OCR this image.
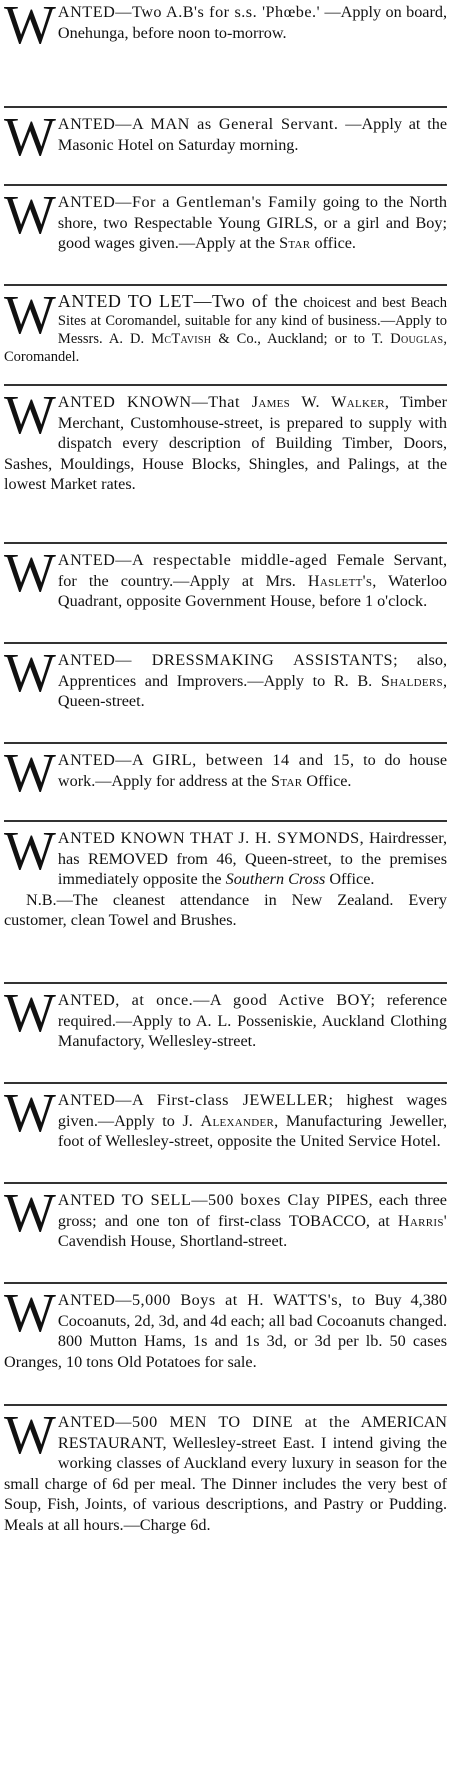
W ANTED—Two A.B's for s.s. 'Phœbe.' —Apply on board, Onehunga, before noon to-morrow.
W ANTED—A MAN as General Servant. —Apply at the Masonic Hotel on Saturday morning.
W ANTED—For a Gentleman's Family going to the North shore, two Respectable Young GIRLS, or a girl and Boy; good wages given.—Apply at the Star office.
W ANTED TO LET—Two of the choicest and best Beach Sites at Coromandel, suitable for any kind of business.—Apply to Messrs. A. D. McTavish & Co., Auckland; or to T. Douglas, Coromandel.
W ANTED KNOWN—That James W. Walker, Timber Merchant, Customhouse-street, is prepared to supply with dispatch every description of Building Timber, Doors, Sashes, Mouldings, House Blocks, Shingles, and Palings, at the lowest Market rates.
W ANTED—A respectable middle-aged Female Servant, for the country.—Apply at Mrs. Haslett's, Waterloo Quadrant, opposite Government House, before 1 o'clock.
W ANTED— DRESSMAKING ASSISTANTS; also, Apprentices and Improvers.—Apply to R. B. Shalders, Queen-street.
W ANTED—A GIRL, between 14 and 15, to do house work.—Apply for address at the Star Office.
W ANTED KNOWN THAT J. H. SYMONDS, Hairdresser, has REMOVED from 46, Queen-street, to the premises immediately opposite the Southern Cross Office.
N.B.—The cleanest attendance in New Zealand. Every customer, clean Towel and Brushes.
W ANTED, at once.—A good Active BOY; reference required.—Apply to A. L. Posseniskie, Auckland Clothing Manufactory, Wellesley-street.
W ANTED—A First-class JEWELLER; highest wages given.—Apply to J. Alexander, Manufacturing Jeweller, foot of Wellesley-street, opposite the United Service Hotel.
W ANTED TO SELL—500 boxes Clay PIPES, each three gross; and one ton of first-class TOBACCO, at Harris' Cavendish House, Shortland-street.
W ANTED—5,000 Boys at H. WATTS's, to Buy 4,380 Cocoanuts, 2d, 3d, and 4d each; all bad Cocoanuts changed. 800 Mutton Hams, 1s and 1s 3d, or 3d per lb. 50 cases Oranges, 10 tons Old Potatoes for sale.
W ANTED—500 MEN TO DINE at the AMERICAN RESTAURANT, Wellesley-street East. I intend giving the working classes of Auckland every luxury in season for the small charge of 6d per meal. The Dinner includes the very best of Soup, Fish, Joints, of various descriptions, and Pastry or Pudding. Meals at all hours.—Charge 6d.
